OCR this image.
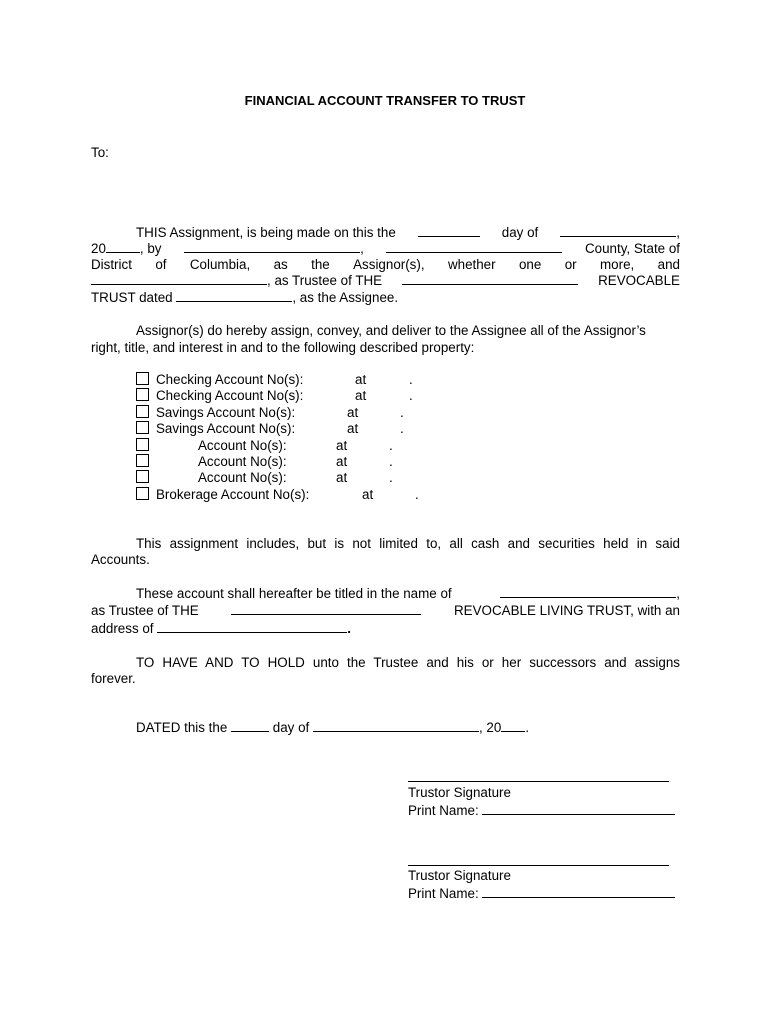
FINANCIAL ACCOUNT TRANSFER TO TRUST
To:
THIS Assignment, is being made on this the	day of	,
20	, by	,	County, State of
District of Columbia, as the Assignor(s), whether one or more, and
, as Trustee of THE	REVOCABLE
TRUST dated	, as the Assignee.
Assignor(s) do hereby assign, convey, and deliver to the Assignee all of the Assignor’s
right, title, and interest in and to the following described property:
Checking Account No(s):	at	.
Checking Account No(s):	at	.
Savings Account No(s):	at	.
Savings Account No(s):	at	.
Account No(s):	at	.
Account No(s):	at	.
Account No(s):	at	.
Brokerage Account No(s):	at	.
This assignment includes, but is not limited to, all cash and securities held in said
Accounts.
These account shall hereafter be titled in the name of	,
as Trustee of THE	REVOCABLE LIVING TRUST, with an
address of	.
TO HAVE AND TO HOLD unto the Trustee and his or her successors and assigns
forever.
DATED this the	day of	, 20 .
Trustor Signature
Print Name:
Trustor Signature
Print Name:
